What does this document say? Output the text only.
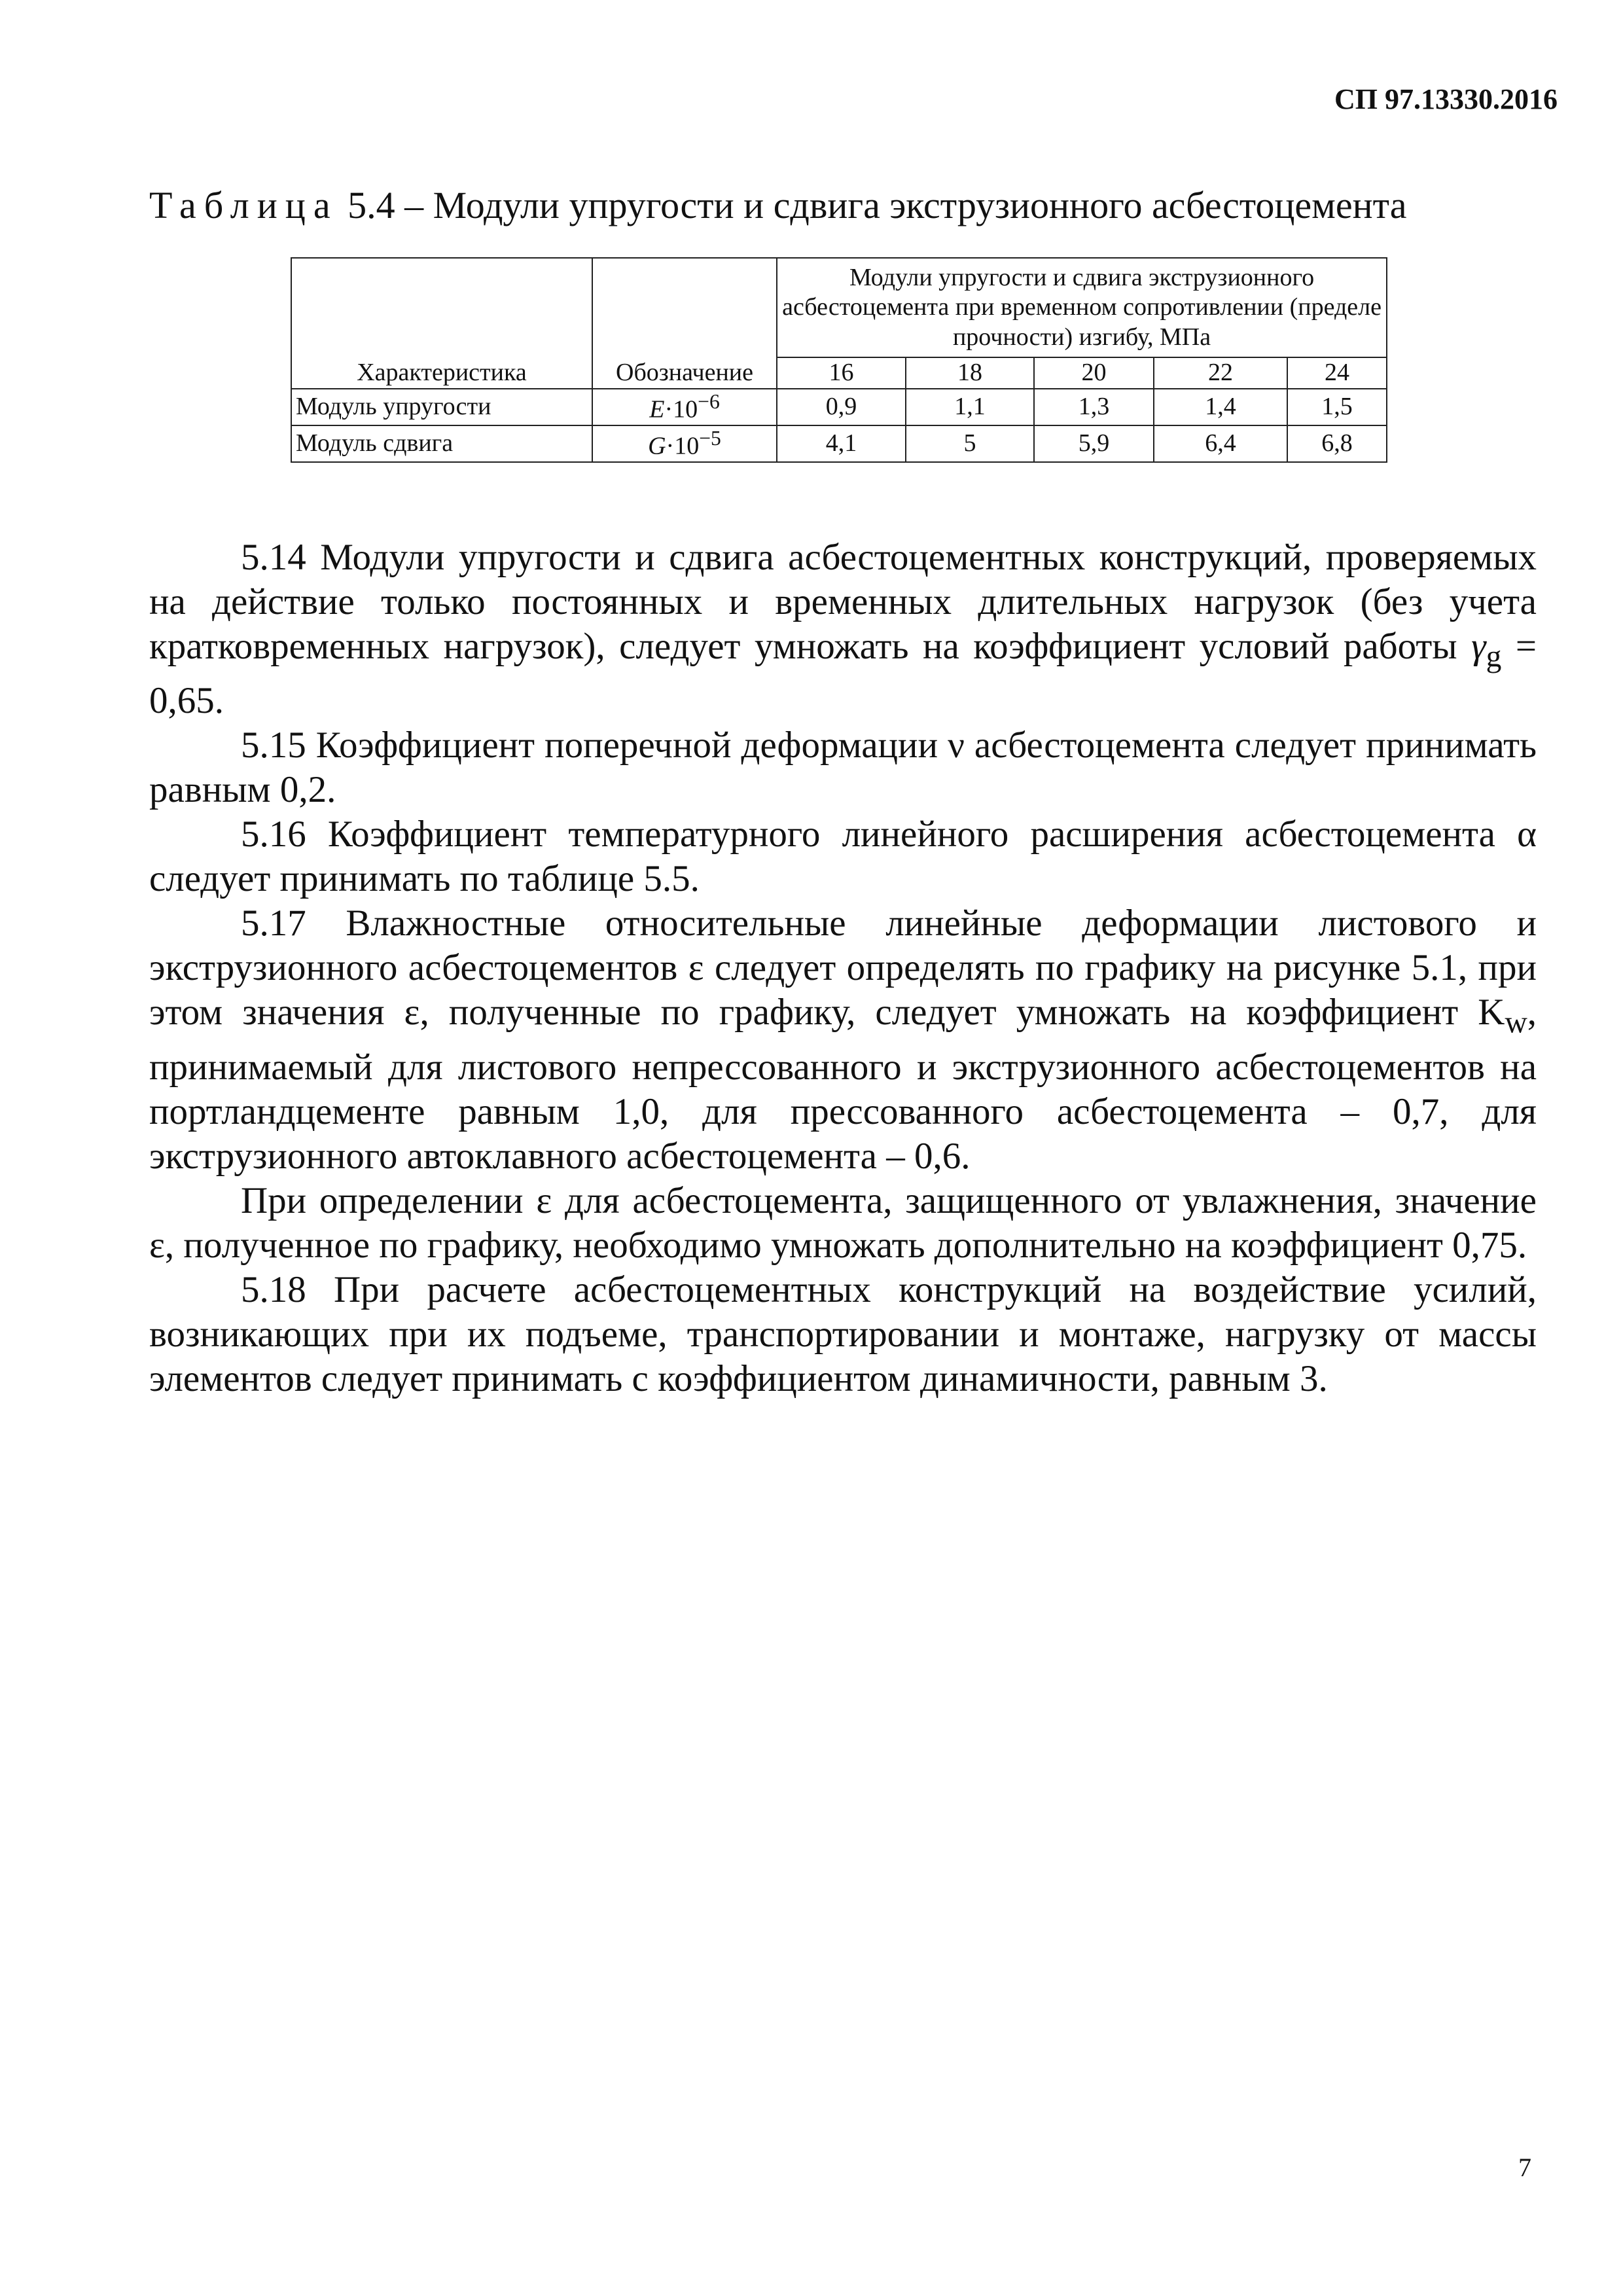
СП 97.13330.2016
Таблица 5.4 – Модули упругости и сдвига экструзионного асбестоцемента
Характеристика	Обозначение	Модули упругости и сдвига экструзионного асбестоцемента при временном сопротивлении (пределе прочности) изгибу, МПа				
		16	18	20	22	24
Модуль упругости	$E\cdot 10^{-6}$	0,9	1,1	1,3	1,4	1,5
Модуль сдвига	$G\cdot 10^{-5}$	4,1	5	5,9	6,4	6,8

5.14 Модули упругости и сдвига асбестоцементных конструкций, проверяемых на действие только постоянных и временных длительных нагрузок (без учета кратковременных нагрузок), следует умножать на коэффициент условий работы $\gamma_g = 0,65$.

5.15 Коэффициент поперечной деформации ν асбестоцемента следует принимать равным 0,2.

5.16 Коэффициент температурного линейного расширения асбестоцемента α следует принимать по таблице 5.5.

5.17 Влажностные относительные линейные деформации листового и экструзионного асбестоцементов ε следует определять по графику на рисунке 5.1, при этом значения ε, полученные по графику, следует умножать на коэффициент $K_w$, принимаемый для листового непрессованного и экструзионного асбестоцементов на портландцементе равным 1,0, для прессованного асбестоцемента – 0,7, для экструзионного автоклавного асбестоцемента – 0,6.

При определении ε для асбестоцемента, защищенного от увлажнения, значение ε, полученное по графику, необходимо умножать дополнительно на коэффициент 0,75.

5.18 При расчете асбестоцементных конструкций на воздействие усилий, возникающих при их подъеме, транспортировании и монтаже, нагрузку от массы элементов следует принимать с коэффициентом динамичности, равным 3.

7
